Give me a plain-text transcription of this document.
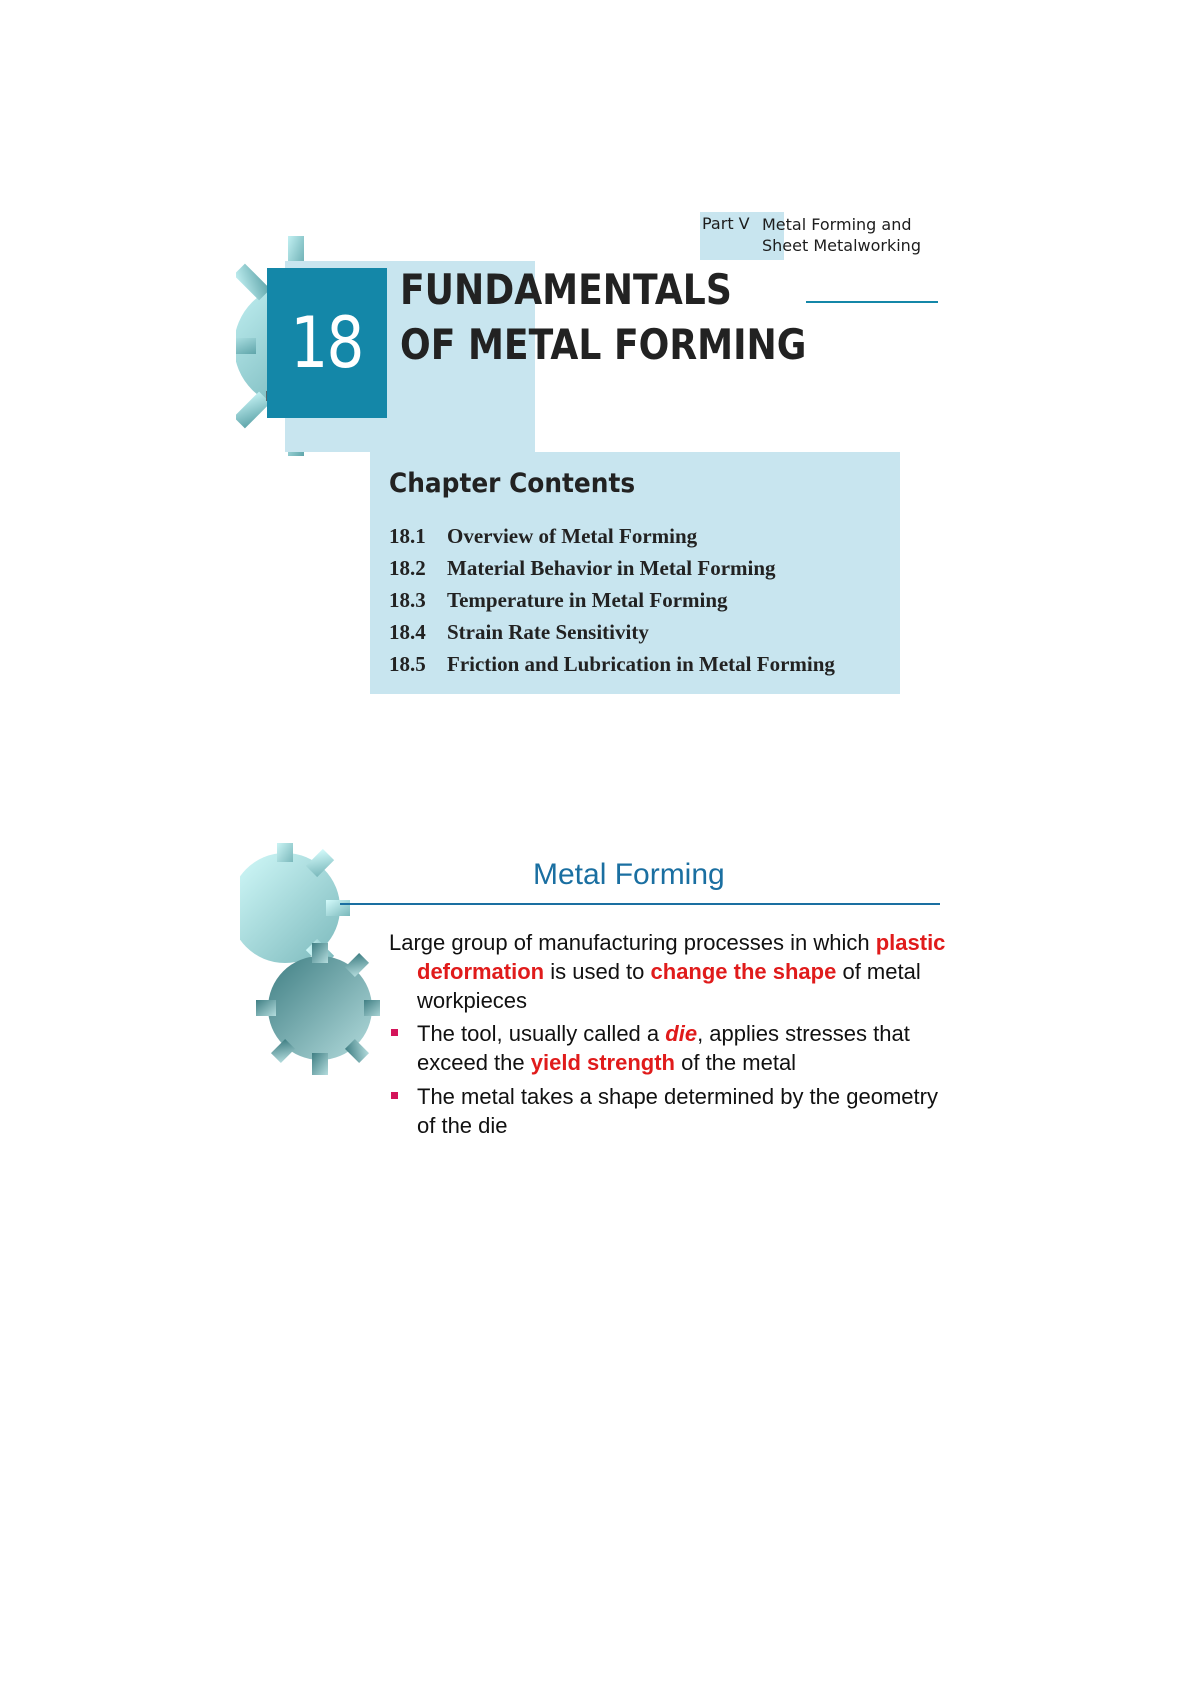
Part V Metal Forming and
Sheet Metalworking
18
FUNDAMENTALS
OF METAL FORMING
Chapter Contents
18.1 Overview of Metal Forming
18.2 Material Behavior in Metal Forming
18.3 Temperature in Metal Forming
18.4 Strain Rate Sensitivity
18.5 Friction and Lubrication in Metal Forming
Metal Forming

Large group of manufacturing processes in which plastic deformation is used to change the shape of metal workpieces

The tool, usually called a die, applies stresses that exceed the yield strength of the metal
The metal takes a shape determined by the geometry of the die
